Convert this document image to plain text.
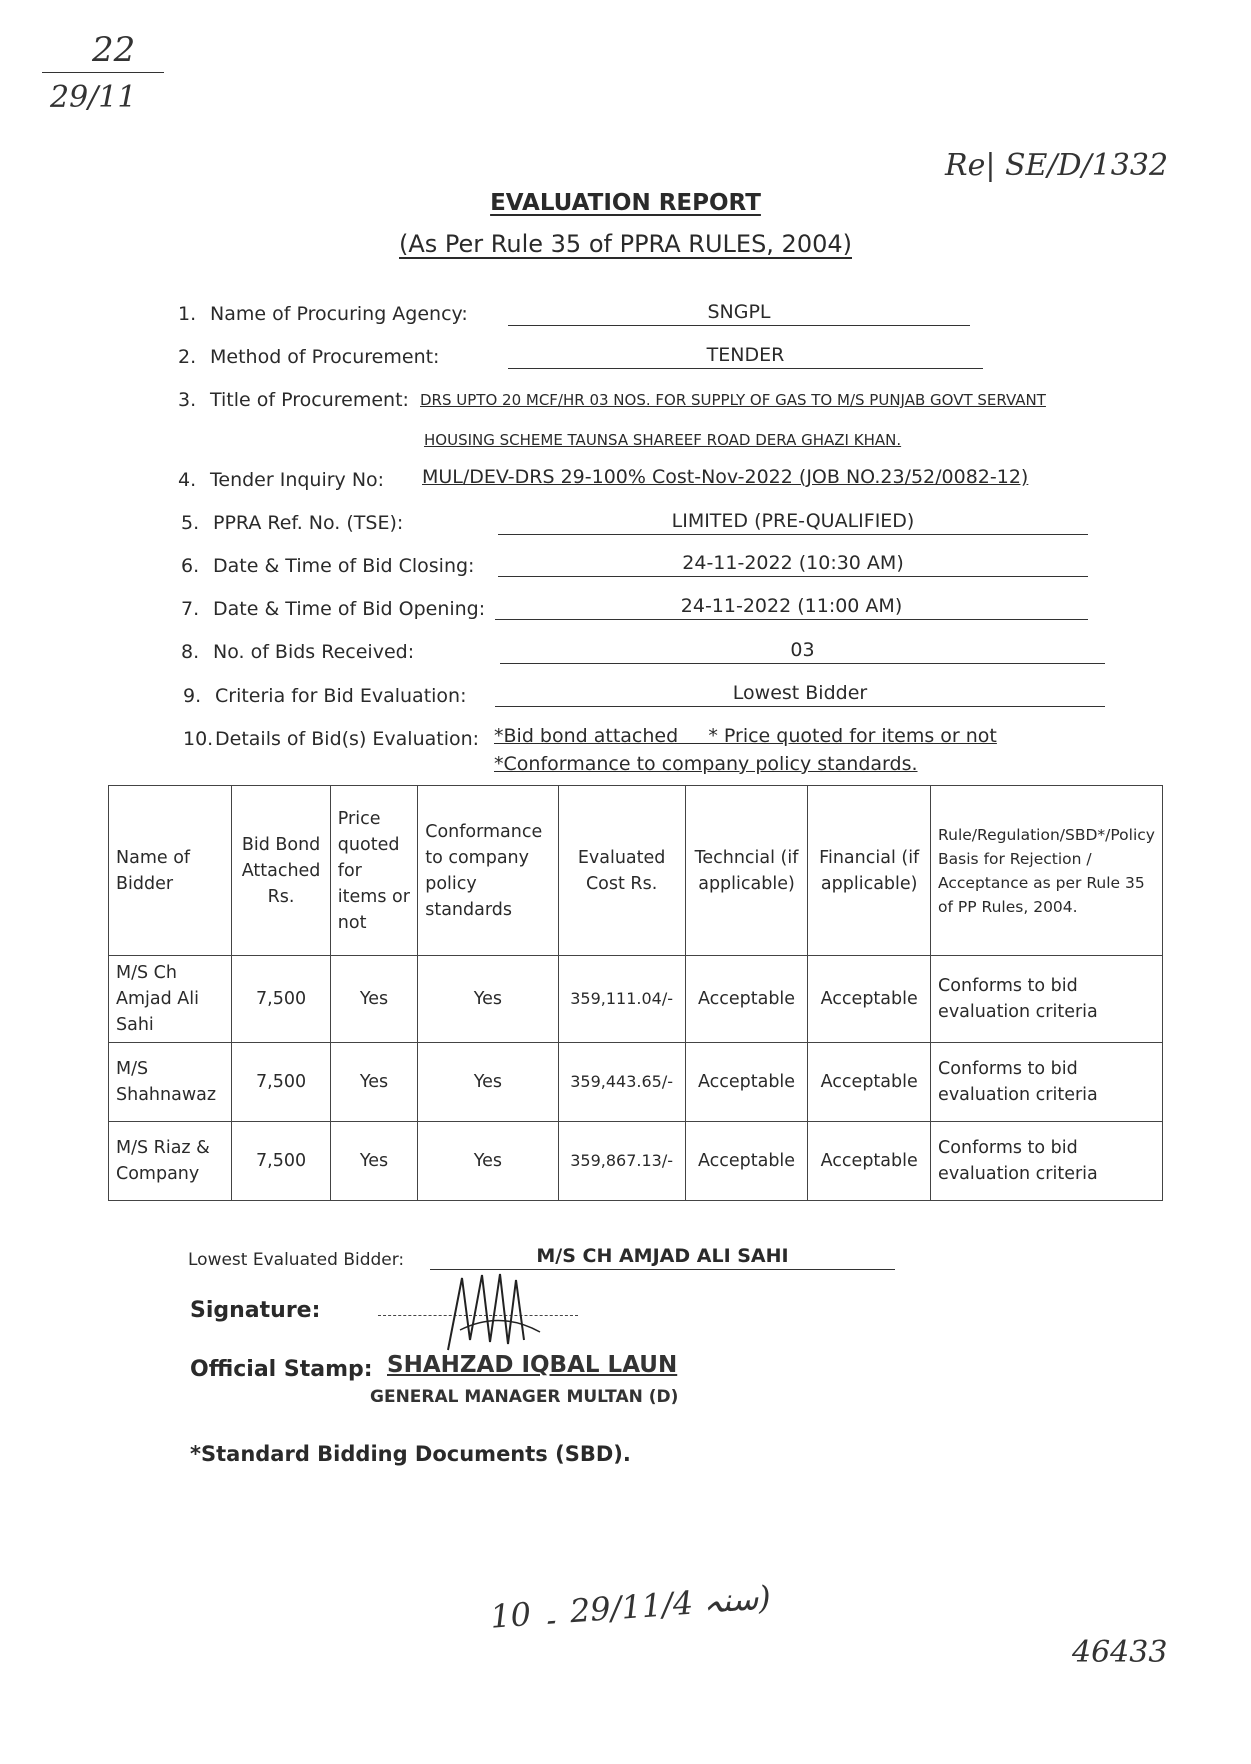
22
29/11
Re| SE/D/1332
EVALUATION REPORT
(As Per Rule 35 of PPRA RULES, 2004)
1. Name of Procuring Agency:	SNGPL
2. Method of Procurement:	TENDER
3. Title of Procurement: DRS UPTO 20 MCF/HR 03 NOS. FOR SUPPLY OF GAS TO M/S PUNJAB GOVT SERVANT
HOUSING SCHEME TAUNSA SHAREEF ROAD DERA GHAZI KHAN.
4. Tender Inquiry No: MUL/DEV-DRS 29-100% Cost-Nov-2022 (JOB NO.23/52/0082-12)
5. PPRA Ref. No. (TSE):	LIMITED (PRE-QUALIFIED)
6. Date & Time of Bid Closing:	24-11-2022 (10:30 AM)
7. Date & Time of Bid Opening:	24-11-2022 (11:00 AM)
8. No. of Bids Received:	03
9. Criteria for Bid Evaluation:	Lowest Bidder
10.Details of Bid(s) Evaluation: *Bid bond attached     * Price quoted for items or not
*Conformance to company policy standards.
Name of Bidder	Bid Bond Attached Rs.	Price quoted for items or not	Conformance to company policy standards	Evaluated Cost Rs.	Techncial (if applicable)	Financial (if applicable)	Rule/Regulation/SBD*/Policy Basis for Rejection / Acceptance as per Rule 35 of PP Rules, 2004.
M/S Ch Amjad Ali Sahi	7,500	Yes	Yes	359,111.04/-	Acceptable	Acceptable	Conforms to bid evaluation criteria
M/S Shahnawaz	7,500	Yes	Yes	359,443.65/-	Acceptable	Acceptable	Conforms to bid evaluation criteria
M/S Riaz & Company	7,500	Yes	Yes	359,867.13/-	Acceptable	Acceptable	Conforms to bid evaluation criteria
Lowest Evaluated Bidder:	M/S CH AMJAD ALI SAHI
Signature:
Official Stamp: SHAHZAD IQBAL LAUN
GENERAL MANAGER MULTAN (D)
*Standard Bidding Documents (SBD).
10 سنہ 29/11/4 ۔)
46433
